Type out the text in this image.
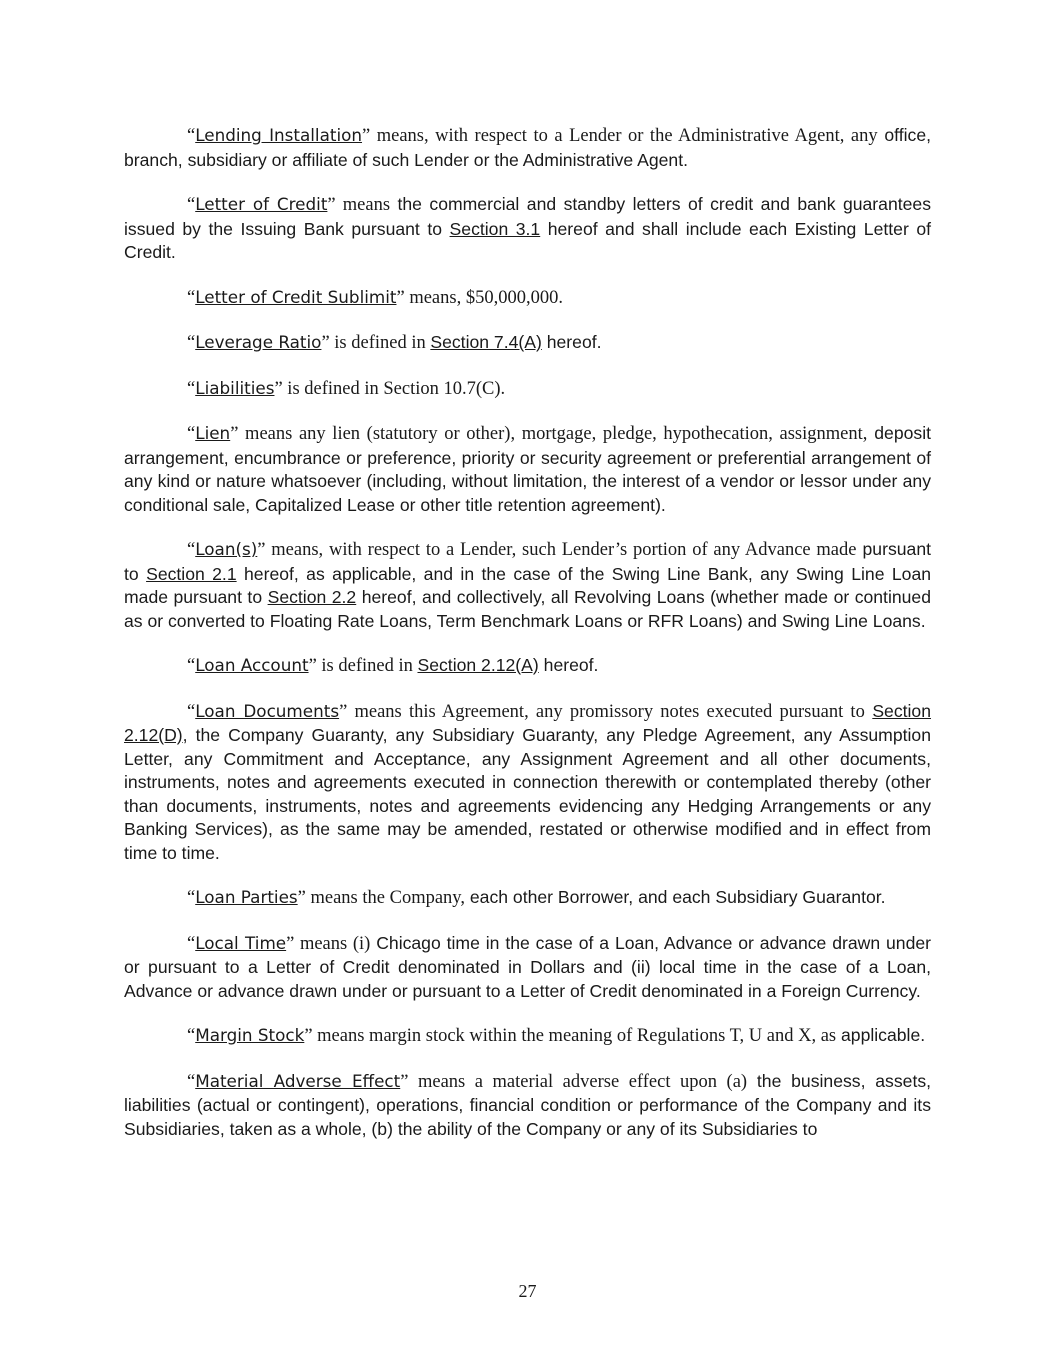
“Lending Installation” means, with respect to a Lender or the Administrative Agent, any office, branch, subsidiary or affiliate of such Lender or the Administrative Agent.

“Letter of Credit” means the commercial and standby letters of credit and bank guarantees issued by the Issuing Bank pursuant to Section 3.1 hereof and shall include each Existing Letter of Credit.

“Letter of Credit Sublimit” means, $50,000,000.

“Leverage Ratio” is defined in Section 7.4(A) hereof.

“Liabilities” is defined in Section 10.7(C).

“Lien” means any lien (statutory or other), mortgage, pledge, hypothecation, assignment, deposit arrangement, encumbrance or preference, priority or security agreement or preferential arrangement of any kind or nature whatsoever (including, without limitation, the interest of a vendor or lessor under any conditional sale, Capitalized Lease or other title retention agreement).

“Loan(s)” means, with respect to a Lender, such Lender’s portion of any Advance made pursuant to Section 2.1 hereof, as applicable, and in the case of the Swing Line Bank, any Swing Line Loan made pursuant to Section 2.2 hereof, and collectively, all Revolving Loans (whether made or continued as or converted to Floating Rate Loans, Term Benchmark Loans or RFR Loans) and Swing Line Loans.

“Loan Account” is defined in Section 2.12(A) hereof.

“Loan Documents” means this Agreement, any promissory notes executed pursuant to Section 2.12(D), the Company Guaranty, any Subsidiary Guaranty, any Pledge Agreement, any Assumption Letter, any Commitment and Acceptance, any Assignment Agreement and all other documents, instruments, notes and agreements executed in connection therewith or contemplated thereby (other than documents, instruments, notes and agreements evidencing any Hedging Arrangements or any Banking Services), as the same may be amended, restated or otherwise modified and in effect from time to time.

“Loan Parties” means the Company, each other Borrower, and each Subsidiary Guarantor.

“Local Time” means (i) Chicago time in the case of a Loan, Advance or advance drawn under or pursuant to a Letter of Credit denominated in Dollars and (ii) local time in the case of a Loan, Advance or advance drawn under or pursuant to a Letter of Credit denominated in a Foreign Currency.

“Margin Stock” means margin stock within the meaning of Regulations T, U and X, as applicable.

“Material Adverse Effect” means a material adverse effect upon (a) the business, assets, liabilities (actual or contingent), operations, financial condition or performance of the Company and its Subsidiaries, taken as a whole, (b) the ability of the Company or any of its Subsidiaries to

27
